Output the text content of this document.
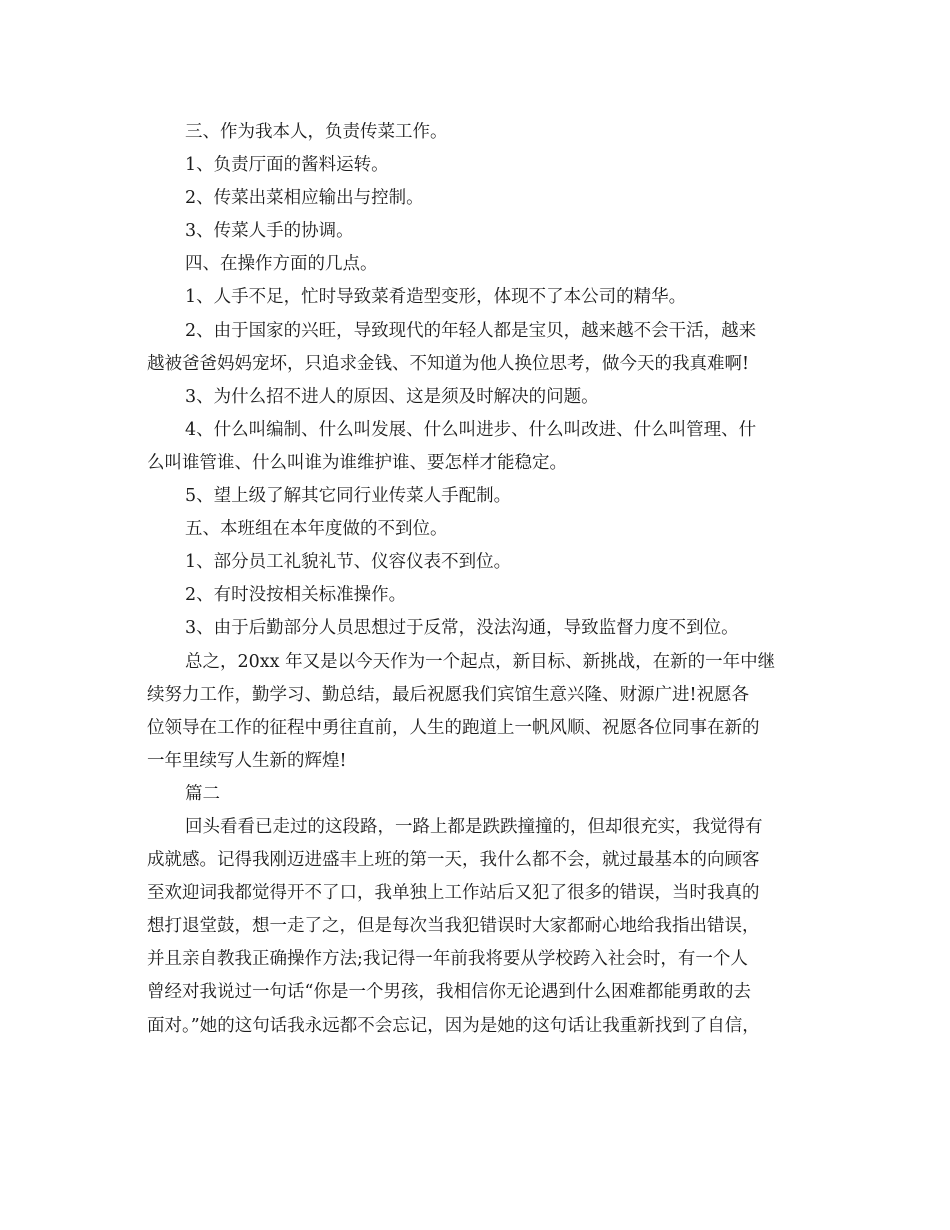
三、作为我本人，负责传菜工作。
1、负责厅面的酱料运转。
2、传菜出菜相应输出与控制。
3、传菜人手的协调。
四、在操作方面的几点。
1、人手不足，忙时导致菜肴造型变形，体现不了本公司的精华。
2、由于国家的兴旺，导致现代的年轻人都是宝贝，越来越不会干活，越来
越被爸爸妈妈宠坏，只追求金钱、不知道为他人换位思考，做今天的我真难啊!
3、为什么招不进人的原因、这是须及时解决的问题。
4、什么叫编制、什么叫发展、什么叫进步、什么叫改进、什么叫管理、什
么叫谁管谁、什么叫谁为谁维护谁、要怎样才能稳定。
5、望上级了解其它同行业传菜人手配制。
五、本班组在本年度做的不到位。
1、部分员工礼貌礼节、仪容仪表不到位。
2、有时没按相关标准操作。
3、由于后勤部分人员思想过于反常，没法沟通，导致监督力度不到位。
总之，20xx 年又是以今天作为一个起点，新目标、新挑战，在新的一年中继
续努力工作，勤学习、勤总结，最后祝愿我们宾馆生意兴隆、财源广进!祝愿各
位领导在工作的征程中勇往直前，人生的跑道上一帆风顺、祝愿各位同事在新的
一年里续写人生新的辉煌!
篇二
回头看看已走过的这段路，一路上都是跌跌撞撞的，但却很充实，我觉得有
成就感。记得我刚迈进盛丰上班的第一天，我什么都不会，就过最基本的向顾客
至欢迎词我都觉得开不了口，我单独上工作站后又犯了很多的错误，当时我真的
想打退堂鼓，想一走了之，但是每次当我犯错误时大家都耐心地给我指出错误，
并且亲自教我正确操作方法;我记得一年前我将要从学校跨入社会时，有一个人
曾经对我说过一句话“你是一个男孩，我相信你无论遇到什么困难都能勇敢的去
面对。”她的这句话我永远都不会忘记，因为是她的这句话让我重新找到了自信，
